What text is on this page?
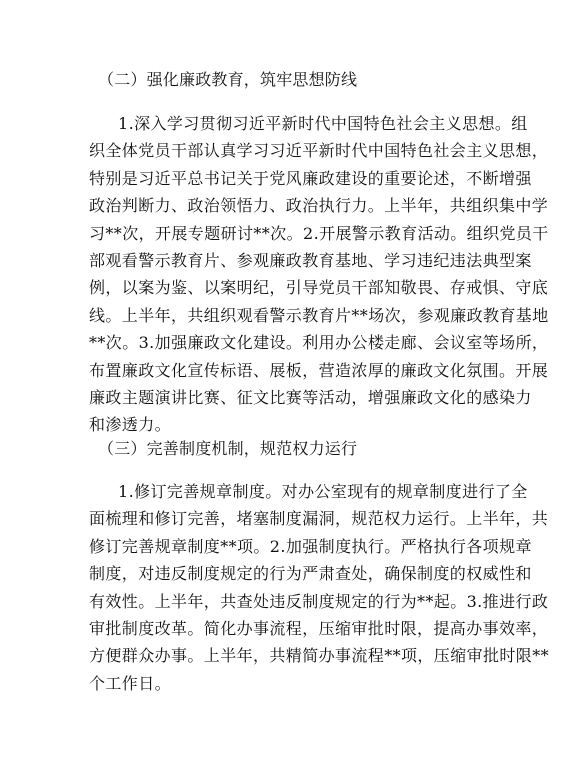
（二）强化廉政教育，筑牢思想防线
1.深入学习贯彻习近平新时代中国特色社会主义思想。组
织全体党员干部认真学习习近平新时代中国特色社会主义思想，
特别是习近平总书记关于党风廉政建设的重要论述，不断增强
政治判断力、政治领悟力、政治执行力。上半年，共组织集中学
习**次，开展专题研讨**次。2.开展警示教育活动。组织党员干
部观看警示教育片、参观廉政教育基地、学习违纪违法典型案
例，以案为鉴、以案明纪，引导党员干部知敬畏、存戒惧、守底
线。上半年，共组织观看警示教育片**场次，参观廉政教育基地
**次。3.加强廉政文化建设。利用办公楼走廊、会议室等场所，
布置廉政文化宣传标语、展板，营造浓厚的廉政文化氛围。开展
廉政主题演讲比赛、征文比赛等活动，增强廉政文化的感染力
和渗透力。
（三）完善制度机制，规范权力运行
1.修订完善规章制度。对办公室现有的规章制度进行了全
面梳理和修订完善，堵塞制度漏洞，规范权力运行。上半年，共
修订完善规章制度**项。2.加强制度执行。严格执行各项规章
制度，对违反制度规定的行为严肃查处，确保制度的权威性和
有效性。上半年，共查处违反制度规定的行为**起。3.推进行政
审批制度改革。简化办事流程，压缩审批时限，提高办事效率，
方便群众办事。上半年，共精简办事流程**项，压缩审批时限**
个工作日。
